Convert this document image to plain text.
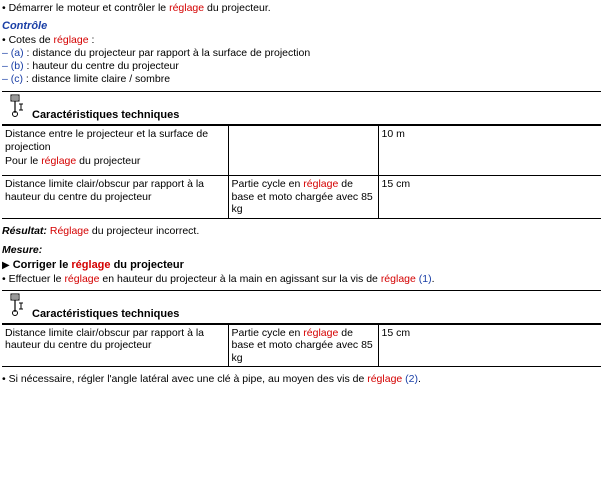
• Démarrer le moteur et contrôler le réglage du projecteur.
Contrôle
• Cotes de réglage :
– (a) : distance du projecteur par rapport à la surface de projection
– (b) : hauteur du centre du projecteur
– (c) : distance limite claire / sombre
Caractéristiques techniques
Distance entre le projecteur et la surface de projection
Pour le réglage du projecteur		10 m
Distance limite clair/obscur par rapport à la hauteur du centre du projecteur	Partie cycle en réglage de base et moto chargée avec 85 kg	15 cm
Résultat: Réglage du projecteur incorrect.
Mesure:
▶ Corriger le réglage du projecteur
• Effectuer le réglage en hauteur du projecteur à la main en agissant sur la vis de réglage (1).
Caractéristiques techniques
Distance limite clair/obscur par rapport à la hauteur du centre du projecteur	Partie cycle en réglage de base et moto chargée avec 85 kg	15 cm
• Si nécessaire, régler l'angle latéral avec une clé à pipe, au moyen des vis de réglage (2).
